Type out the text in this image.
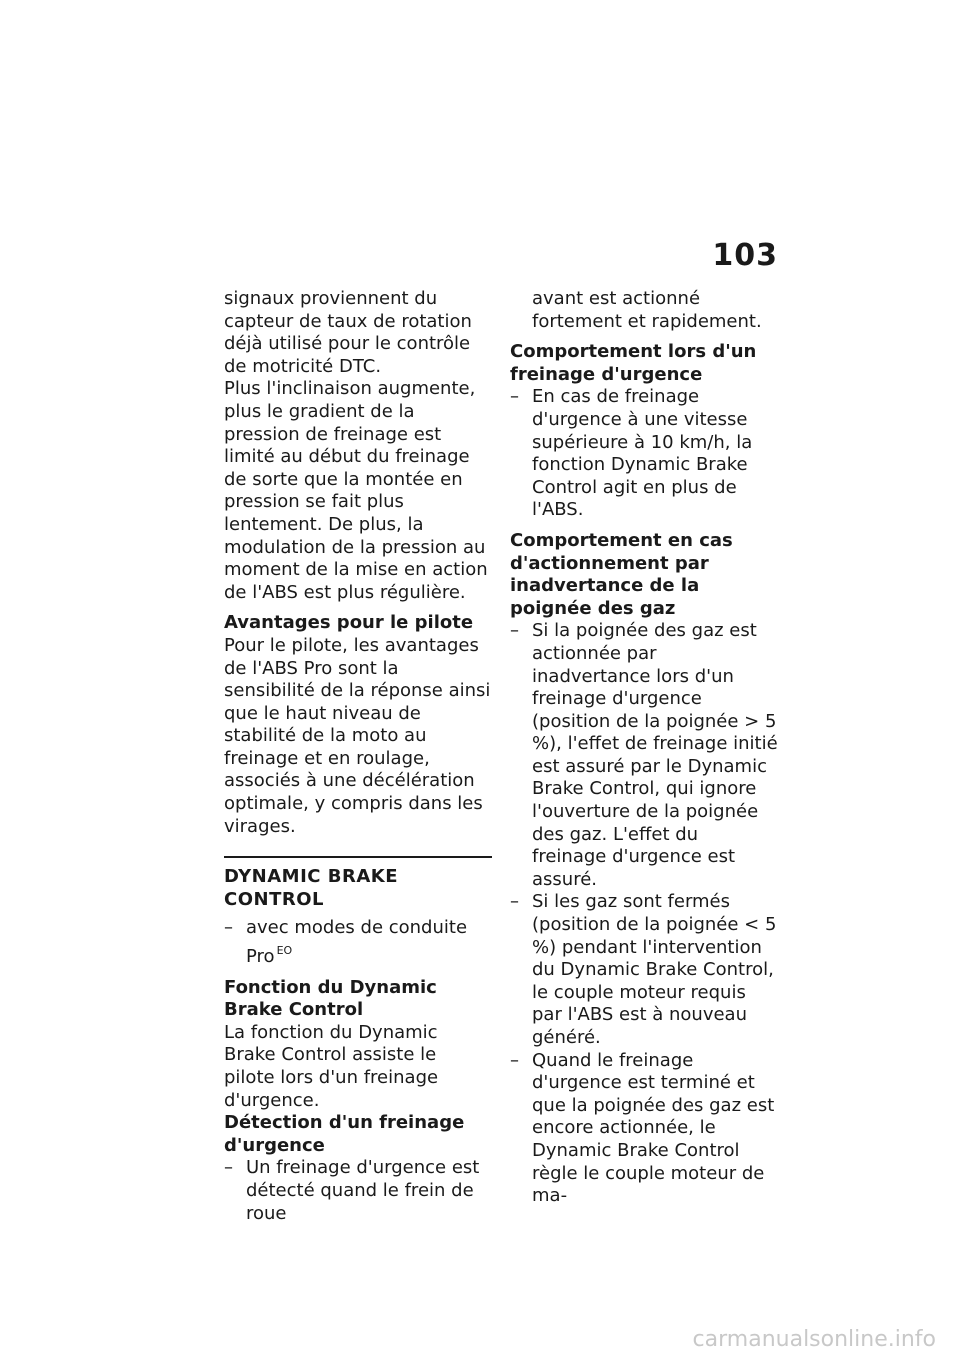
103

signaux proviennent du capteur de taux de rotation déjà utilisé pour le contrôle de motricité DTC.

Plus l'inclinaison augmente, plus le gradient de la pression de freinage est limité au début du freinage de sorte que la montée en pression se fait plus lentement. De plus, la modulation de la pression au moment de la mise en action de l'ABS est plus régulière.

Avantages pour le pilote

Pour le pilote, les avantages de l'ABS Pro sont la sensibilité de la réponse ainsi que le haut niveau de stabilité de la moto au freinage et en roulage, associés à une décélération optimale, y compris dans les virages.

DYNAMIC BRAKE CONTROL
– avec modes de conduite Pro $^{EO}$

Fonction du Dynamic Brake Control

La fonction du Dynamic Brake Control assiste le pilote lors d'un freinage d'urgence.

Détection d'un freinage d'urgence

– Un freinage d'urgence est détecté quand le frein de roue
avant est actionné fortement et rapidement.

Comportement lors d'un freinage d'urgence

– En cas de freinage d'urgence à une vitesse supérieure à 10 km/h, la fonction Dynamic Brake Control agit en plus de l'ABS.

Comportement en cas d'actionnement par inadvertance de la poignée des gaz

– Si la poignée des gaz est actionnée par inadvertance lors d'un freinage d'urgence (position de la poignée > 5 %), l'effet de freinage initié est assuré par le Dynamic Brake Control, qui ignore l'ouverture de la poignée des gaz. L'effet du freinage d'urgence est assuré.
– Si les gaz sont fermés (position de la poignée < 5 %) pendant l'intervention du Dynamic Brake Control, le couple moteur requis par l'ABS est à nouveau généré.
– Quand le freinage d'urgence est terminé et que la poignée des gaz est encore actionnée, le Dynamic Brake Control règle le couple moteur de ma-
carmanualsonline.info
